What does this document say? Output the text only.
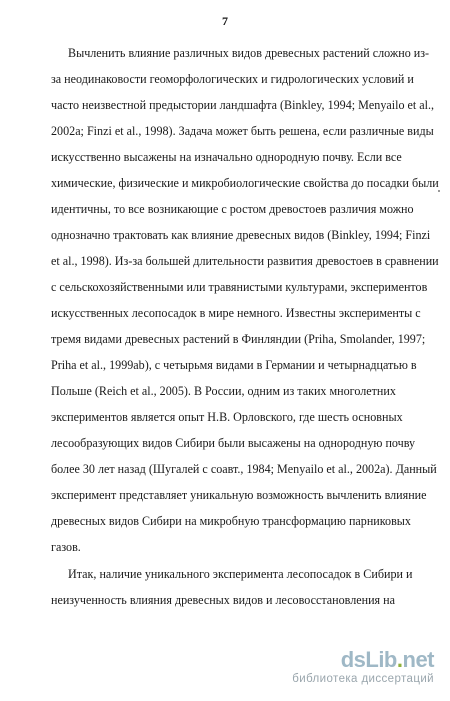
7
Вычленить влияние различных видов древесных растений сложно из-
за неодинаковости геоморфологических и гидрологических условий и
часто неизвестной предыстории ландшафта (Binkley, 1994; Menyailo et al.,
2002a; Finzi et al., 1998). Задача может быть решена, если различные виды
искусственно высажены на изначально однородную почву. Если все
химические, физические и микробиологические свойства до посадки были
идентичны, то все возникающие с ростом древостоев различия можно
однозначно трактовать как влияние древесных видов (Binkley, 1994; Finzi
et al., 1998). Из-за большей длительности развития древостоев в сравнении
с сельскохозяйственными или травянистыми культурами, экспериментов
искусственных лесопосадок в мире немного. Известны эксперименты с
тремя видами древесных растений в Финляндии (Priha, Smolander, 1997;
Priha et al., 1999ab), с четырьмя видами в Германии и четырнадцатью в
Польше (Reich et al., 2005). В России, одним из таких многолетних
экспериментов является опыт Н.В. Орловского, где шесть основных
лесообразующих видов Сибири были высажены на однородную почву
более 30 лет назад (Шугалей с соавт., 1984; Menyailo et al., 2002a). Данный
эксперимент представляет уникальную возможность вычленить влияние
древесных видов Сибири на микробную трансформацию парниковых
газов.
Итак, наличие уникального эксперимента лесопосадок в Сибири и
неизученность влияния древесных видов и лесовосстановления на
dsLib.net
библиотека диссертаций
